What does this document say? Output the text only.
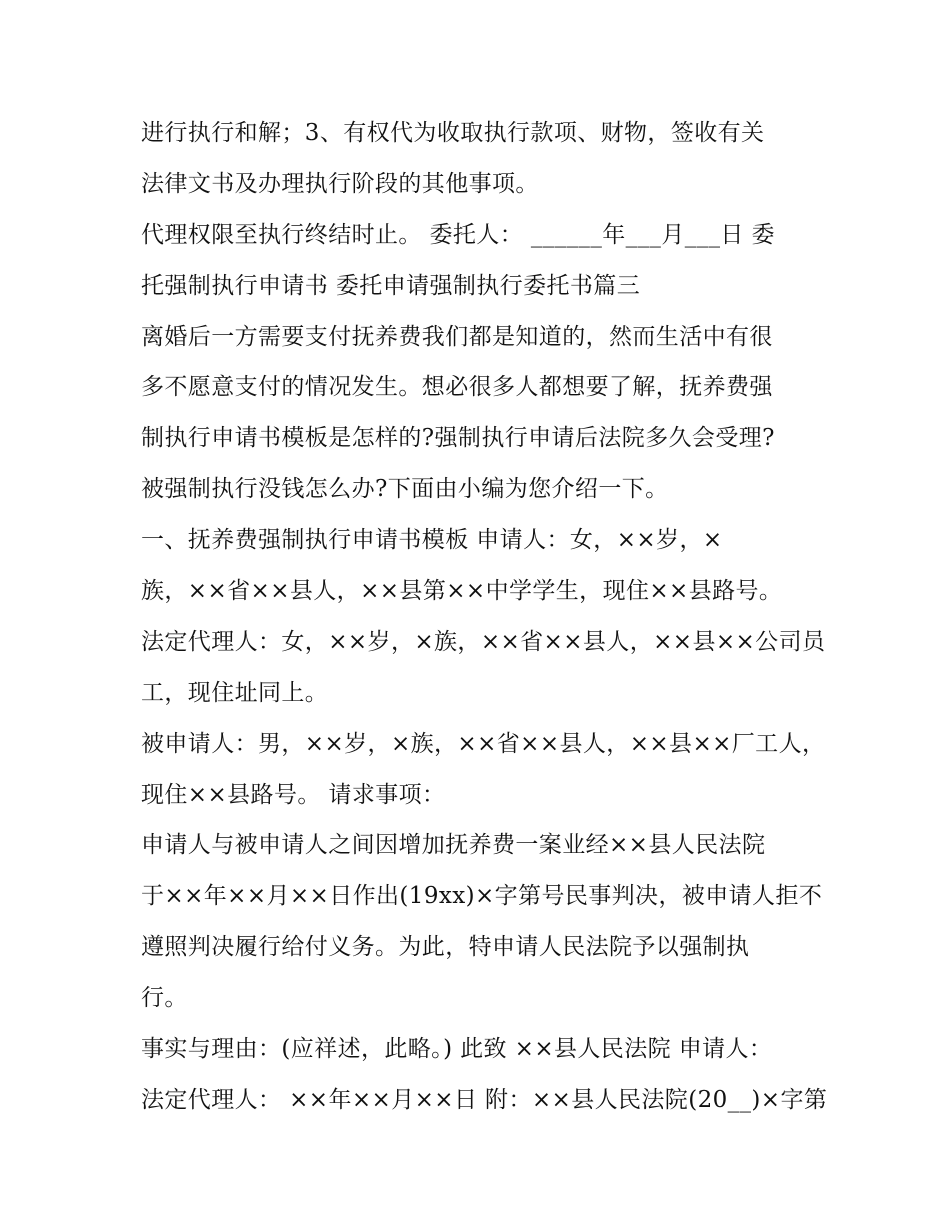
进行执行和解；3、有权代为收取执行款项、财物，签收有关
法律文书及办理执行阶段的其他事项。
代理权限至执行终结时止。 委托人： ______年___月___日 委
托强制执行申请书 委托申请强制执行委托书篇三
离婚后一方需要支付抚养费我们都是知道的，然而生活中有很
多不愿意支付的情况发生。想必很多人都想要了解，抚养费强
制执行申请书模板是怎样的?强制执行申请后法院多久会受理?
被强制执行没钱怎么办?下面由小编为您介绍一下。
一、抚养费强制执行申请书模板 申请人：女，××岁，×
族，××省××县人，××县第××中学学生，现住××县路号。
法定代理人：女，××岁，×族，××省××县人，××县××公司员
工，现住址同上。
被申请人：男，××岁，×族，××省××县人，××县××厂工人，
现住××县路号。 请求事项：
申请人与被申请人之间因增加抚养费一案业经××县人民法院
于××年××月××日作出(19xx)×字第号民事判决，被申请人拒不
遵照判决履行给付义务。为此，特申请人民法院予以强制执
行。
事实与理由：(应祥述，此略。) 此致 ××县人民法院 申请人：
法定代理人： ××年××月××日 附：××县人民法院(20__)×字第
